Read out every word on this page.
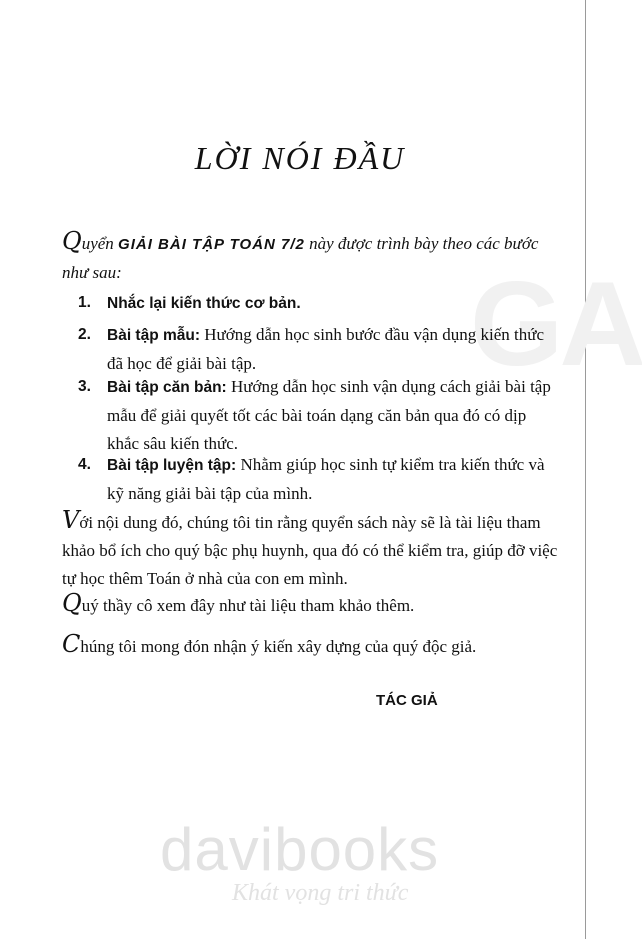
GA
LỜI NÓI ĐẦU
Quyển GIẢI BÀI TẬP TOÁN 7/2 này được trình bày theo các bước như sau:
1. Nhắc lại kiến thức cơ bản.
2. Bài tập mẫu: Hướng dẫn học sinh bước đầu vận dụng kiến thức đã học để giải bài tập.
3. Bài tập căn bản: Hướng dẫn học sinh vận dụng cách giải bài tập mẫu để giải quyết tốt các bài toán dạng căn bản qua đó có dịp khắc sâu kiến thức.
4. Bài tập luyện tập: Nhằm giúp học sinh tự kiểm tra kiến thức và kỹ năng giải bài tập của mình.
Với nội dung đó, chúng tôi tin rằng quyển sách này sẽ là tài liệu tham khảo bổ ích cho quý bậc phụ huynh, qua đó có thể kiểm tra, giúp đỡ việc tự học thêm Toán ở nhà của con em mình.
Quý thầy cô xem đây như tài liệu tham khảo thêm.
Chúng tôi mong đón nhận ý kiến xây dựng của quý độc giả.
TÁC GIẢ
davibooks
Khát vọng tri thức
